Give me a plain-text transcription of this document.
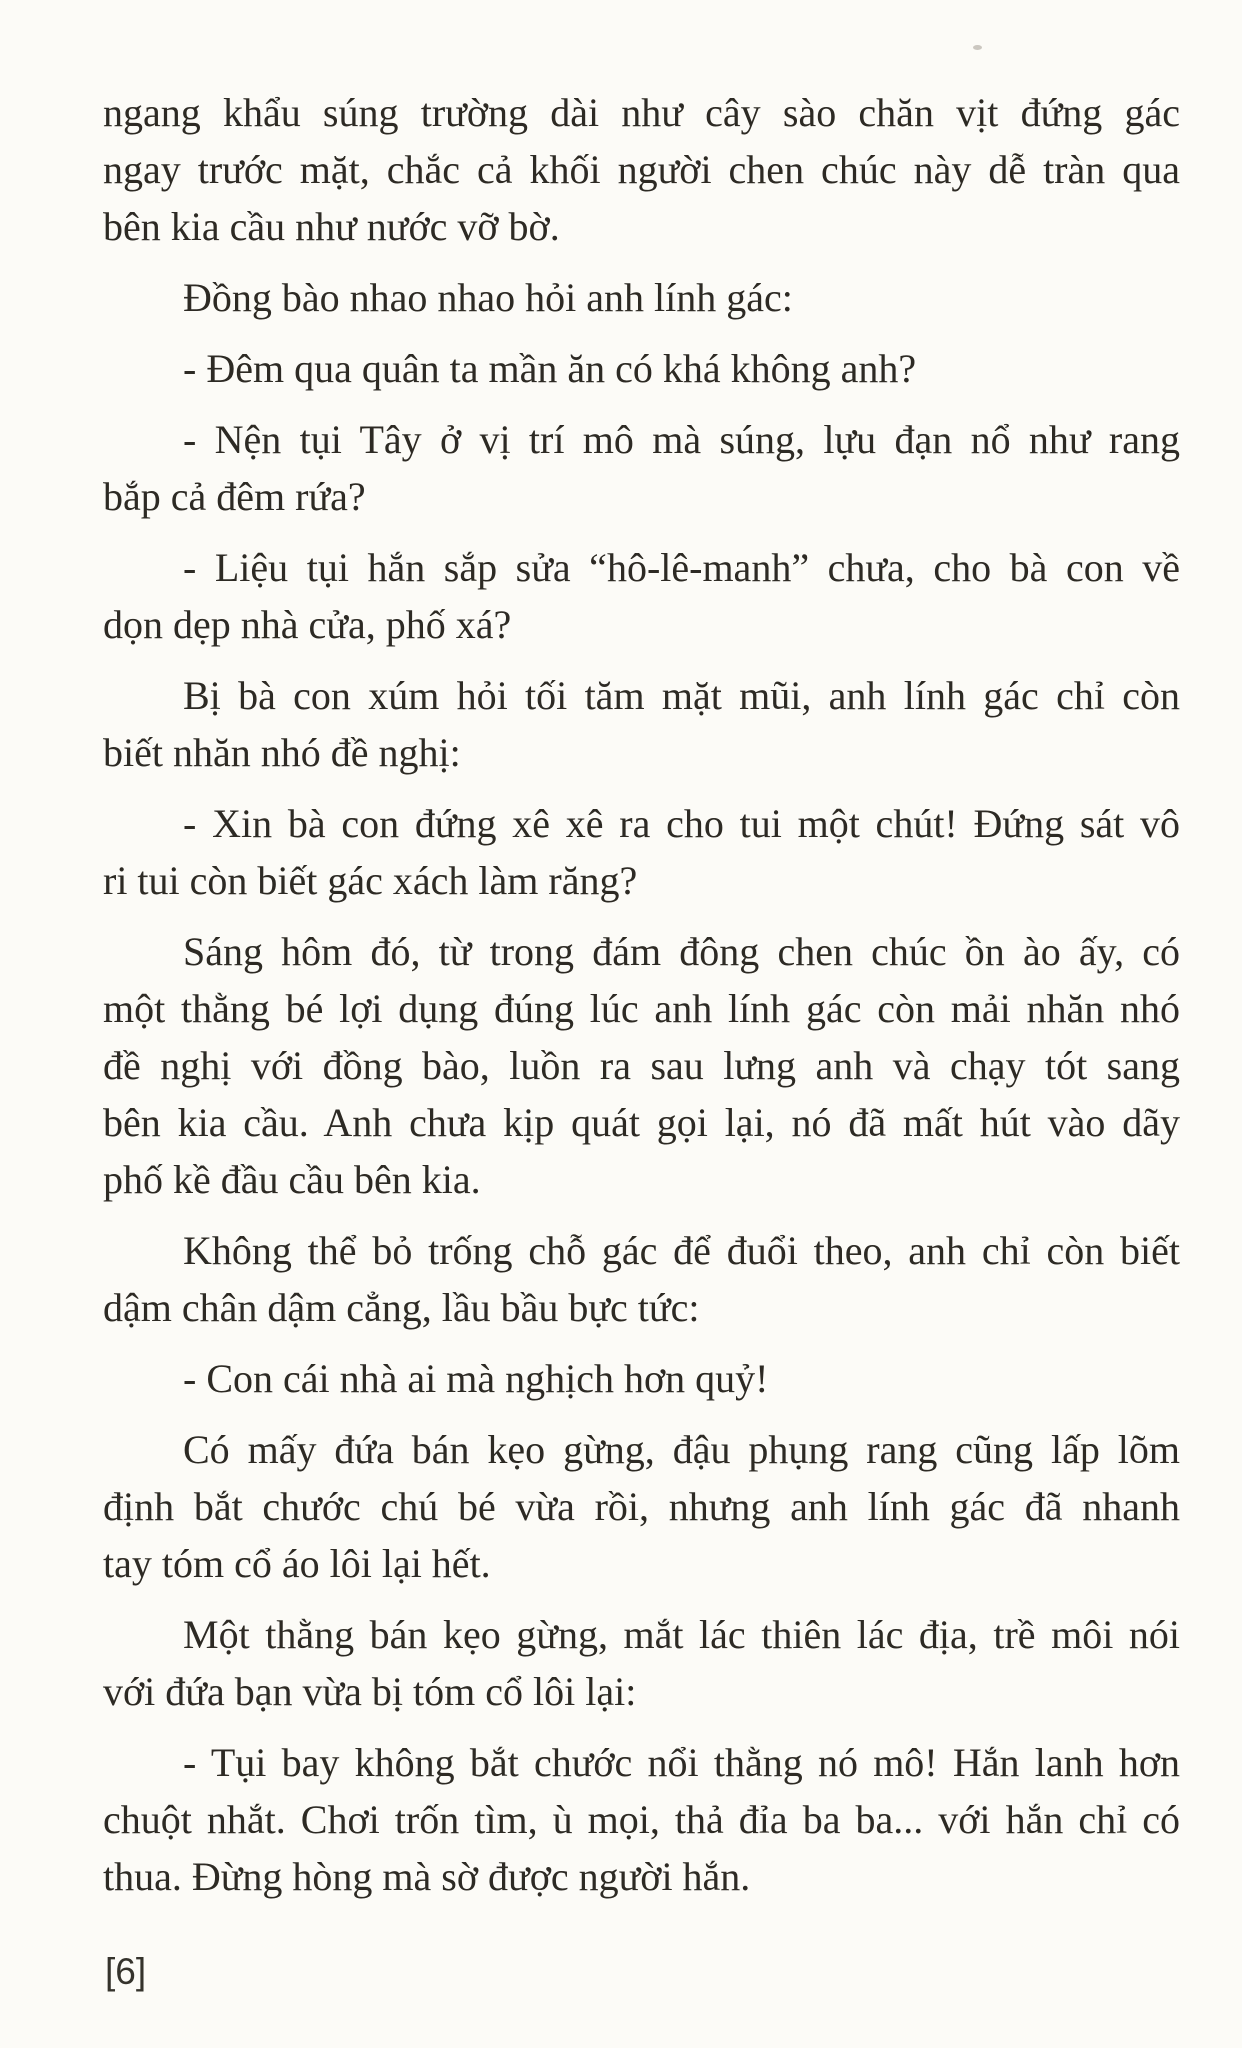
ngang khẩu súng trường dài như cây sào chăn vịt đứng gác
ngay trước mặt, chắc cả khối người chen chúc này dễ tràn qua
bên kia cầu như nước vỡ bờ.
Đồng bào nhao nhao hỏi anh lính gác:
- Đêm qua quân ta mần ăn có khá không anh?
- Nện tụi Tây ở vị trí mô mà súng, lựu đạn nổ như rang
bắp cả đêm rứa?
- Liệu tụi hắn sắp sửa “hô-lê-manh” chưa, cho bà con về
dọn dẹp nhà cửa, phố xá?
Bị bà con xúm hỏi tối tăm mặt mũi, anh lính gác chỉ còn
biết nhăn nhó đề nghị:
- Xin bà con đứng xê xê ra cho tui một chút! Đứng sát vô
ri tui còn biết gác xách làm răng?
Sáng hôm đó, từ trong đám đông chen chúc ồn ào ấy, có
một thằng bé lợi dụng đúng lúc anh lính gác còn mải nhăn nhó
đề nghị với đồng bào, luồn ra sau lưng anh và chạy tót sang
bên kia cầu. Anh chưa kịp quát gọi lại, nó đã mất hút vào dãy
phố kề đầu cầu bên kia.
Không thể bỏ trống chỗ gác để đuổi theo, anh chỉ còn biết
dậm chân dậm cẳng, lầu bầu bực tức:
- Con cái nhà ai mà nghịch hơn quỷ!
Có mấy đứa bán kẹo gừng, đậu phụng rang cũng lấp lõm
định bắt chước chú bé vừa rồi, nhưng anh lính gác đã nhanh
tay tóm cổ áo lôi lại hết.
Một thằng bán kẹo gừng, mắt lác thiên lác địa, trề môi nói
với đứa bạn vừa bị tóm cổ lôi lại:
- Tụi bay không bắt chước nổi thằng nó mô! Hắn lanh hơn
chuột nhắt. Chơi trốn tìm, ù mọi, thả đỉa ba ba... với hắn chỉ có
thua. Đừng hòng mà sờ được người hắn.
[6]
